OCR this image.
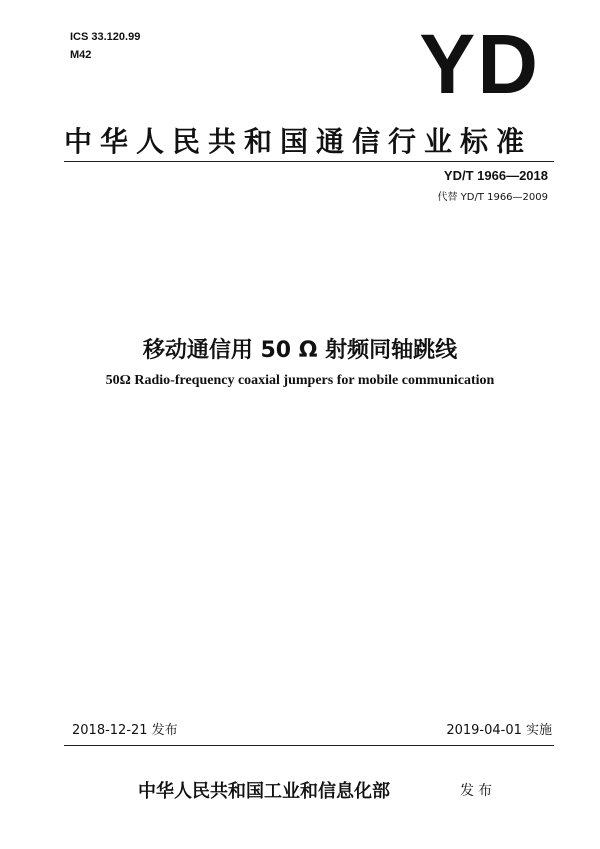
ICS 33.120.99
M42	YD
中华人民共和国通信行业标准
YD/T 1966—2018
代替 YD/T 1966—2009
移动通信用 50 Ω 射频同轴跳线
50Ω Radio-frequency coaxial jumpers for mobile communication
2018-12-21 发布	2019-04-01 实施
中华人民共和国工业和信息化部	发布
